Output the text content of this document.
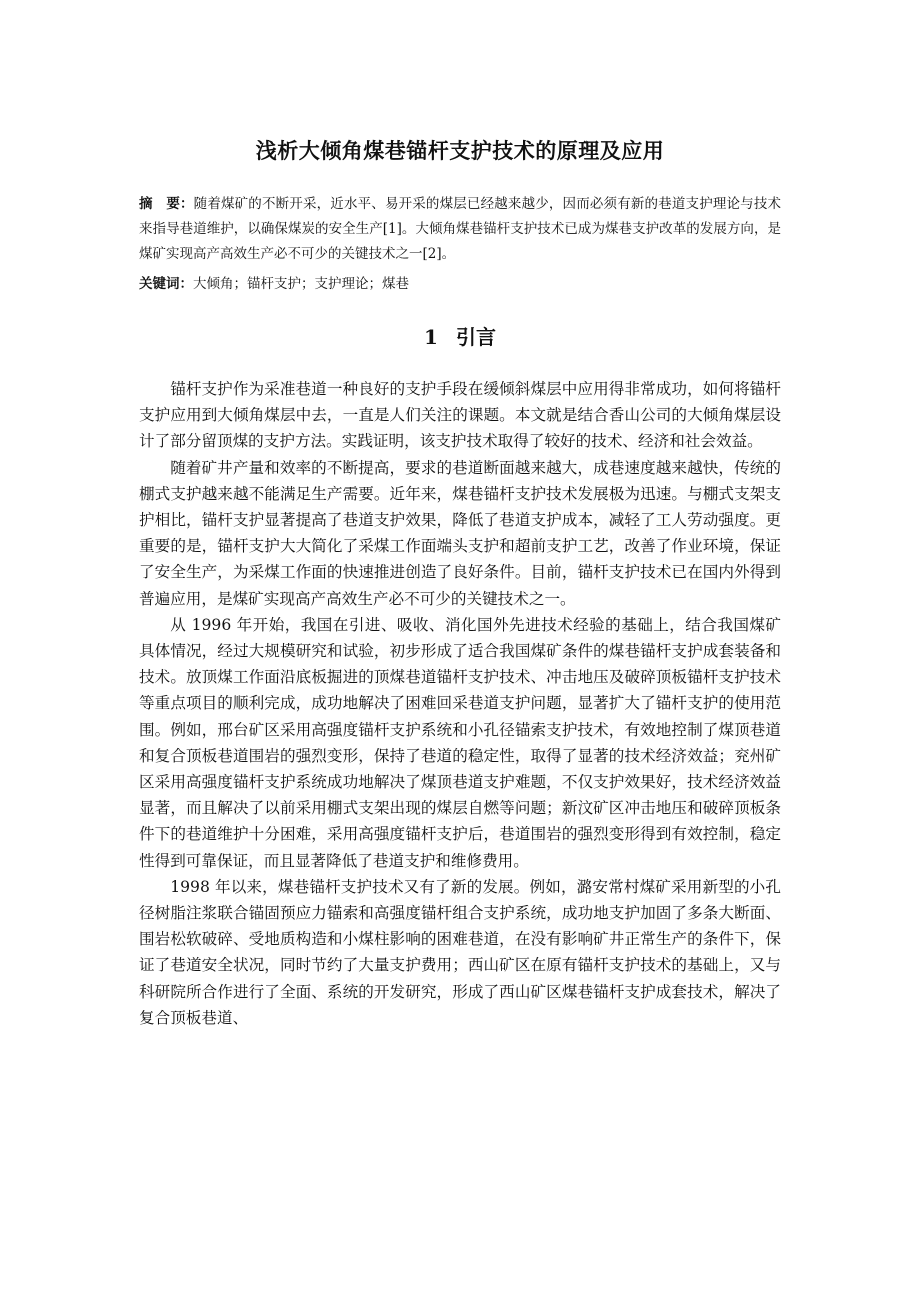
浅析大倾角煤巷锚杆支护技术的原理及应用

摘　要：随着煤矿的不断开采，近水平、易开采的煤层已经越来越少，因而必须有新的巷道支护理论与技术来指导巷道维护，以确保煤炭的安全生产[1]。大倾角煤巷锚杆支护技术已成为煤巷支护改革的发展方向，是煤矿实现高产高效生产必不可少的关键技术之一[2]。

关键词：大倾角；锚杆支护；支护理论；煤巷

1 引言

锚杆支护作为采准巷道一种良好的支护手段在缓倾斜煤层中应用得非常成功，如何将锚杆支护应用到大倾角煤层中去，一直是人们关注的课题。本文就是结合香山公司的大倾角煤层设计了部分留顶煤的支护方法。实践证明，该支护技术取得了较好的技术、经济和社会效益。

随着矿井产量和效率的不断提高，要求的巷道断面越来越大，成巷速度越来越快，传统的棚式支护越来越不能满足生产需要。近年来，煤巷锚杆支护技术发展极为迅速。与棚式支架支护相比，锚杆支护显著提高了巷道支护效果，降低了巷道支护成本，减轻了工人劳动强度。更重要的是，锚杆支护大大简化了采煤工作面端头支护和超前支护工艺，改善了作业环境，保证了安全生产，为采煤工作面的快速推进创造了良好条件。目前，锚杆支护技术已在国内外得到普遍应用，是煤矿实现高产高效生产必不可少的关键技术之一。

从 1996 年开始，我国在引进、吸收、消化国外先进技术经验的基础上，结合我国煤矿具体情况，经过大规模研究和试验，初步形成了适合我国煤矿条件的煤巷锚杆支护成套装备和技术。放顶煤工作面沿底板掘进的顶煤巷道锚杆支护技术、冲击地压及破碎顶板锚杆支护技术等重点项目的顺利完成，成功地解决了困难回采巷道支护问题，显著扩大了锚杆支护的使用范围。例如，邢台矿区采用高强度锚杆支护系统和小孔径锚索支护技术，有效地控制了煤顶巷道和复合顶板巷道围岩的强烈变形，保持了巷道的稳定性，取得了显著的技术经济效益；兖州矿区采用高强度锚杆支护系统成功地解决了煤顶巷道支护难题，不仅支护效果好，技术经济效益显著，而且解决了以前采用棚式支架出现的煤层自燃等问题；新汶矿区冲击地压和破碎顶板条件下的巷道维护十分困难，采用高强度锚杆支护后，巷道围岩的强烈变形得到有效控制，稳定性得到可靠保证，而且显著降低了巷道支护和维修费用。

1998 年以来，煤巷锚杆支护技术又有了新的发展。例如，潞安常村煤矿采用新型的小孔径树脂注浆联合锚固预应力锚索和高强度锚杆组合支护系统，成功地支护加固了多条大断面、围岩松软破碎、受地质构造和小煤柱影响的困难巷道，在没有影响矿井正常生产的条件下，保证了巷道安全状况，同时节约了大量支护费用；西山矿区在原有锚杆支护技术的基础上，又与科研院所合作进行了全面、系统的开发研究，形成了西山矿区煤巷锚杆支护成套技术，解决了复合顶板巷道、
